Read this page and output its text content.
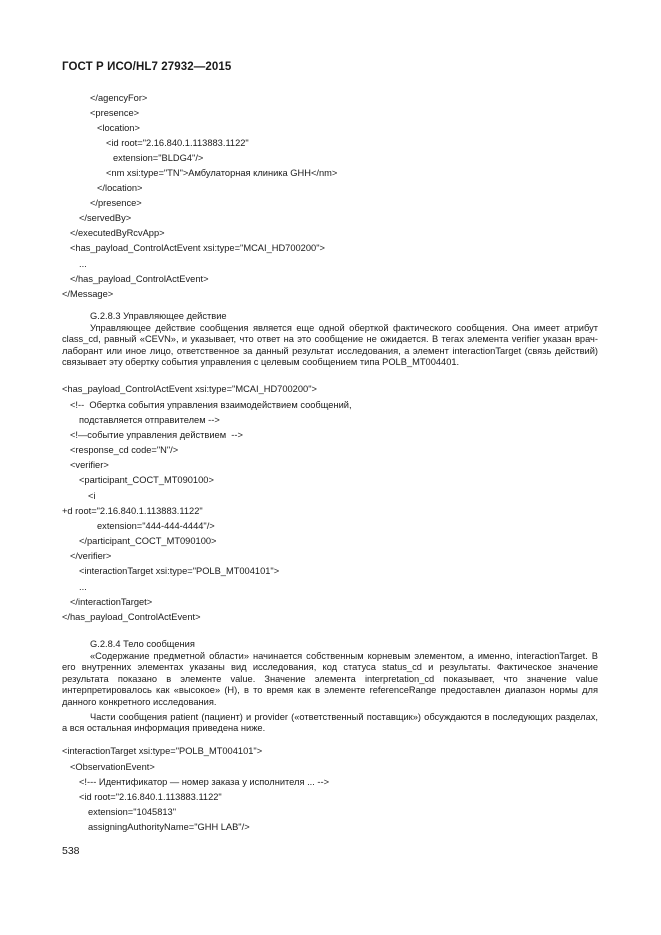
ГОСТ Р ИСО/HL7 27932—2015
</agencyFor>
<presence>
<location>
<id root="2.16.840.1.113883.1122"
extension="BLDG4"/>
<nm xsi:type="TN">Амбулаторная клиника GHH</nm>
</location>
</presence>
</servedBy>
</executedByRcvApp>
<has_payload_ControlActEvent xsi:type="MCAI_HD700200">
...
</has_payload_ControlActEvent>
</Message>
G.2.8.3 Управляющее действие
Управляющее действие сообщения является еще одной оберткой фактического сообщения. Она имеет атрибут class_cd, равный «CEVN», и указывает, что ответ на это сообщение не ожидается. В тегах элемента verifier указан врач-лаборант или иное лицо, ответственное за данный результат исследования, а элемент interactionTarget (связь действий) связывает эту обертку события управления с целевым сообщением типа POLB_MT004401.
<has_payload_ControlActEvent xsi:type="MCAI_HD700200">
<!--  Обертка события управления взаимодействием сообщений,
подставляется отправителем -->
<!—событие управления действием  -->
<response_cd code="N"/>
<verifier>
<participant_COCT_MT090100>
<i
+d root="2.16.840.1.113883.1122"
extension="444-444-4444"/>
</participant_COCT_MT090100>
</verifier>
<interactionTarget xsi:type="POLB_MT004101">
...
</interactionTarget>
</has_payload_ControlActEvent>
G.2.8.4 Тело сообщения
«Содержание предметной области» начинается собственным корневым элементом, а именно, interactionTarget. В его внутренних элементах указаны вид исследования, код статуса status_cd и результаты. Фактическое значение результата показано в элементе value. Значение элемента interpretation_cd показывает, что значение value интерпретировалось как «высокое» (H), в то время как в элементе referenceRange предоставлен диапазон нормы для данного конкретного исследования.
Части сообщения patient (пациент) и provider («ответственный поставщик») обсуждаются в последующих разделах, а вся остальная информация приведена ниже.
<interactionTarget xsi:type="POLB_MT004101">
<ObservationEvent>
<!--- Идентификатор — номер заказа у исполнителя ... -->
<id root="2.16.840.1.113883.1122"
extension="1045813"
assigningAuthorityName="GHH LAB"/>
538
